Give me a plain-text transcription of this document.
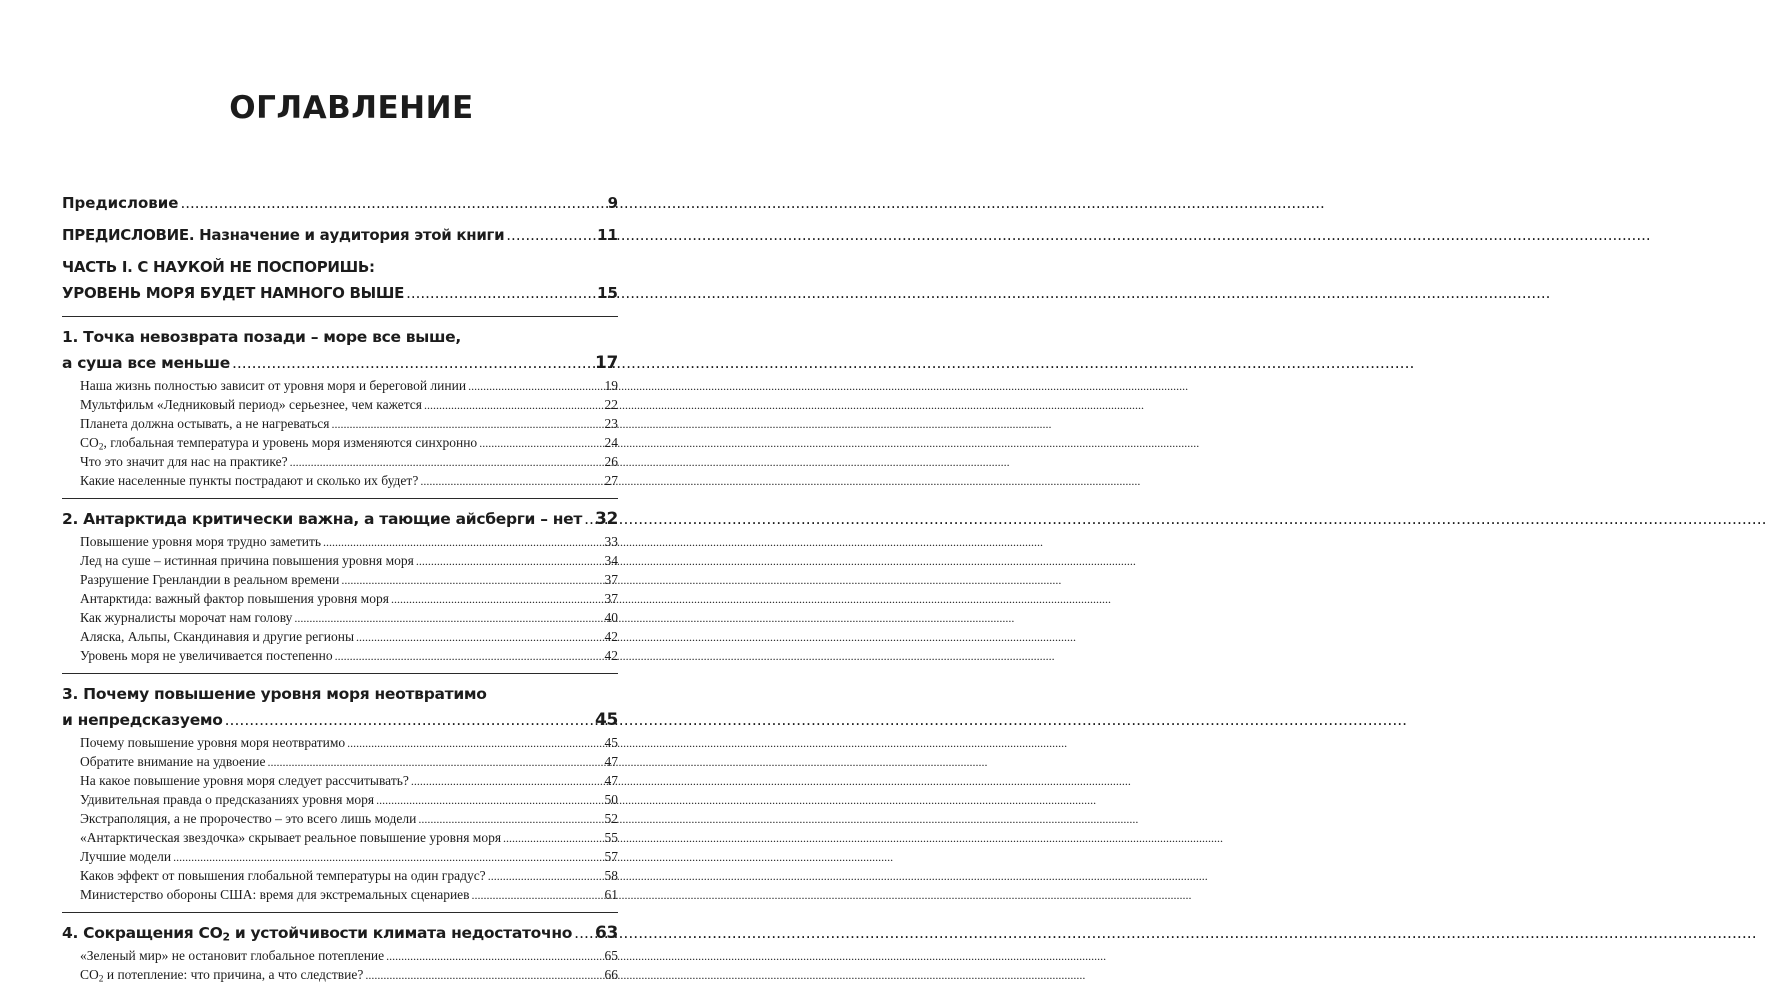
ОГЛАВЛЕНИЕ
Предисловие .....	9
ПРЕДИСЛОВИЕ. Назначение и аудитория этой книги .....	11
ЧАСТЬ I. С НАУКОЙ НЕ ПОСПОРИШЬ:
УРОВЕНЬ МОРЯ БУДЕТ НАМНОГО ВЫШЕ .....	15
1. Точка невозврата позади – море все выше,
а суша все меньше .....	17
Наша жизнь полностью зависит от уровня моря и береговой линии .....	19
Мультфильм «Ледниковый период» серьезнее, чем кажется .....	22
Планета должна остывать, а не нагреваться .....	23
$CO_2$, глобальная температура и уровень моря изменяются синхронно .....	24
Что это значит для нас на практике? .....	26
Какие населенные пункты пострадают и сколько их будет? .....	27
2. Антарктида критически важна, а тающие айсберги – нет ..... 32
Повышение уровня моря трудно заметить .....	33
Лед на суше – истинная причина повышения уровня моря .....	34
Разрушение Гренландии в реальном времени .....	37
Антарктида: важный фактор повышения уровня моря .....	37
Как журналисты морочат нам голову .....	40
Аляска, Альпы, Скандинавия и другие регионы .....	42
Уровень моря не увеличивается постепенно .....	42
3. Почему повышение уровня моря неотвратимо
и непредсказуемо .....	45
Почему повышение уровня моря неотвратимо .....	45
Обратите внимание на удвоение .....	47
На какое повышение уровня моря следует рассчитывать? .....	47
Удивительная правда о предсказаниях уровня моря .....	50
Экстраполяция, а не пророчество – это всего лишь модели .....	52
«Антарктическая звездочка» скрывает реальное повышение уровня моря .....	55
Лучшие модели .....	57
Каков эффект от повышения глобальной температуры на один градус? .....	58
Министерство обороны США: время для экстремальных сценариев .....	61
4. Сокращения $CO_2$ и устойчивости климата недостаточно ..... 63
«Зеленый мир» не остановит глобальное потепление .....	65
$CO_2$ и потепление: что причина, а что следствие? .....	66
